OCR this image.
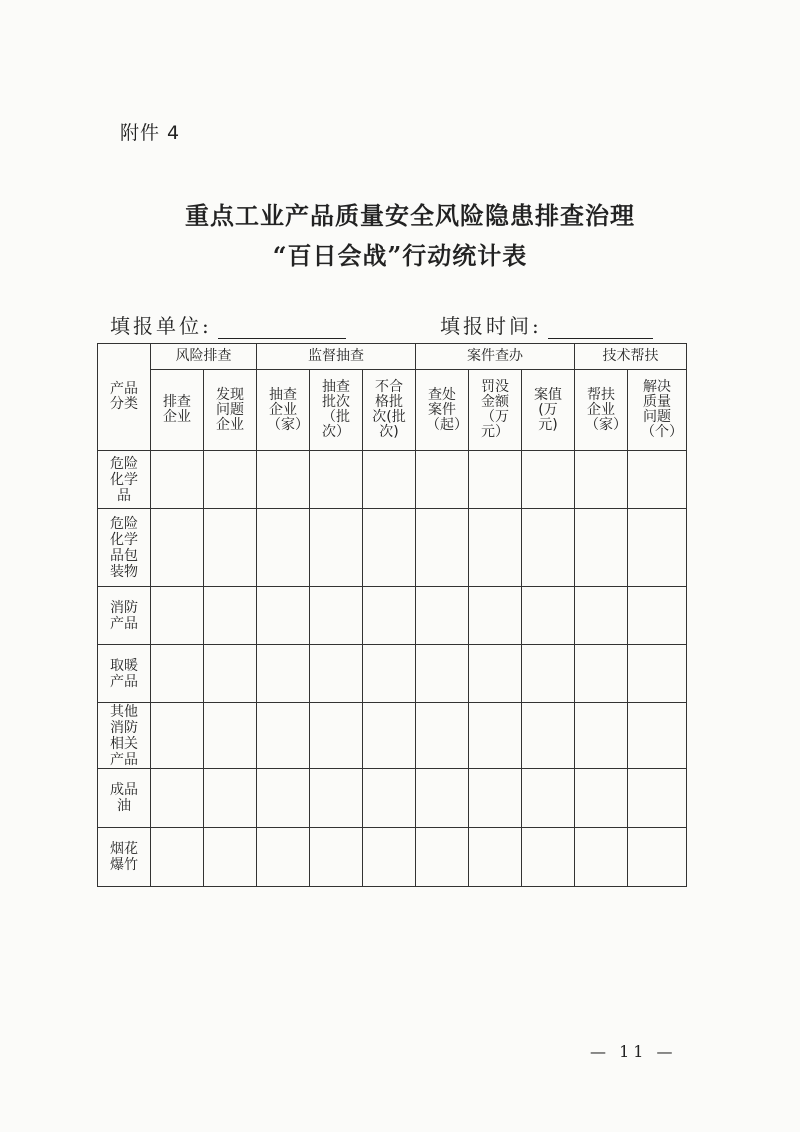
附件 4
重点工业产品质量安全风险隐患排查治理
“百日会战”行动统计表
填报单位:	填报时间:
产品分类	风险排查		监督抽查			案件查办			技术帮扶	
	排查企业	发现问题企业	抽查企业（家）	抽查批次（批次）	不合格批次(批次)	查处案件（起）	罚没金额（万元）	案值(万元)	帮扶企业（家）	解决质量问题（个）
危险化学品										
危险化学品包装物										
消防产品										
取暖产品										
其他消防相关产品										
成品油										
烟花爆竹										
— 11 —
